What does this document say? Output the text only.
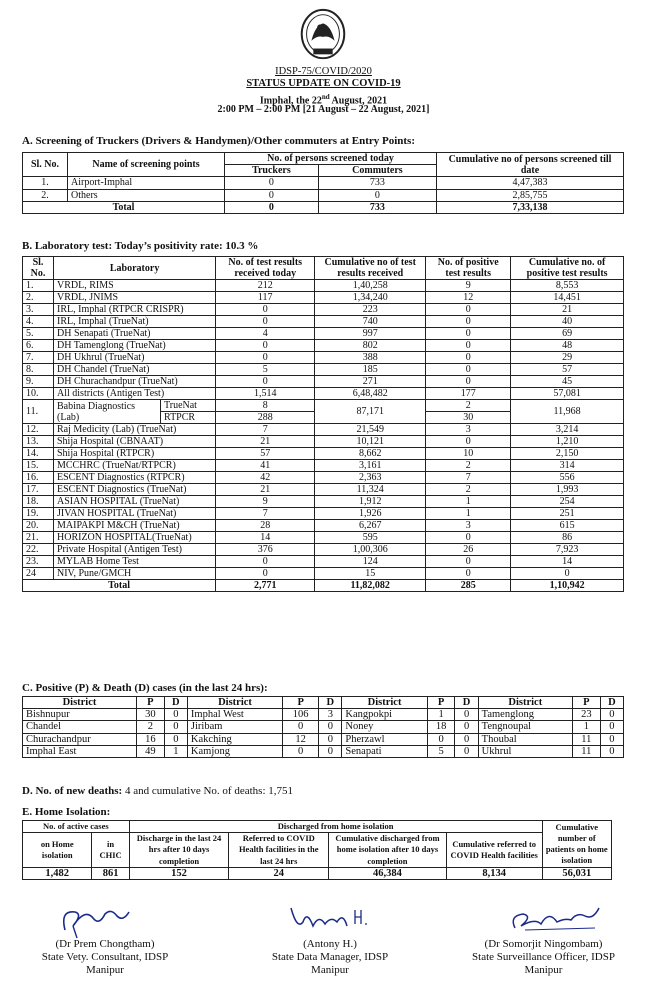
IDSP-75/COVID/2020
STATUS UPDATE ON COVID-19
Imphal, the 22nd August, 2021
2:00 PM – 2:00 PM [21 August – 22 August, 2021]
A. Screening of Truckers (Drivers & Handymen)/Other commuters at Entry Points:
Sl. No.	Name of screening points	No. of persons screened today		Cumulative no of persons screened till date
		Truckers	Commuters	
1.	Airport-Imphal	0	733	4,47,383
2.	Others	0	0	2,85,755
Total		0	733	7,33,138
B. Laboratory test: Today’s positivity rate: 10.3 %
Sl. No.	Laboratory		No. of test results received today	Cumulative no of test results received	No. of positive test results	Cumulative no. of positive test results
1.	VRDL, RIMS		212	1,40,258	9	8,553
2.	VRDL, JNIMS		117	1,34,240	12	14,451
3.	IRL, Imphal (RTPCR CRISPR)		0	223	0	21
4.	IRL, Imphal (TrueNat)		0	740	0	40
5.	DH Senapati (TrueNat)		4	997	0	69
6.	DH Tamenglong (TrueNat)		0	802	0	48
7.	DH Ukhrul (TrueNat)		0	388	0	29
8.	DH Chandel (TrueNat)		5	185	0	57
9.	DH Churachandpur (TrueNat)		0	271	0	45
10.	All districts (Antigen Test)		1,514	6,48,482	177	57,081
11.	Babina Diagnostics (Lab)	TrueNat	8	87,171	2	11,968
		RTPCR	288		30	
12.	Raj Medicity (Lab) (TrueNat)		7	21,549	3	3,214
13.	Shija Hospital (CBNAAT)		21	10,121	0	1,210
14.	Shija Hospital (RTPCR)		57	8,662	10	2,150
15.	MCCHRC (TrueNat/RTPCR)		41	3,161	2	314
16.	ESCENT Diagnostics (RTPCR)		42	2,363	7	556
17.	ESCENT Diagnostics (TrueNat)		21	11,324	2	1,993
18.	ASIAN HOSPITAL (TrueNat)		9	1,912	1	254
19.	JIVAN HOSPITAL (TrueNat)		7	1,926	1	251
20.	MAIPAKPI M&CH (TrueNat)		28	6,267	3	615
21.	HORIZON HOSPITAL(TrueNat)		14	595	0	86
22.	Private Hospital (Antigen Test)		376	1,00,306	26	7,923
23.	MYLAB Home Test		0	124	0	14
24	NIV, Pune/GMCH		0	15	0	0
Total			2,771	11,82,082	285	1,10,942
C. Positive (P) & Death (D) cases (in the last 24 hrs):
District	P	D	District	P	D	District	P	D	District	P	D
Bishnupur	30	0	Imphal West	106	3	Kangpokpi	1	0	Tamenglong	23	0
Chandel	2	0	Jiribam	0	0	Noney	18	0	Tengnoupal	1	0
Churachandpur	16	0	Kakching	12	0	Pherzawl	0	0	Thoubal	11	0
Imphal East	49	1	Kamjong	0	0	Senapati	5	0	Ukhrul	11	0
D. No. of new deaths: 4 and cumulative No. of deaths: 1,751
E. Home Isolation:
No. of active cases		Discharged from home isolation				Cumulative number of patients on home isolation
on Home isolation	in CHIC	Discharge in the last 24 hrs after 10 days completion	Referred to COVID Health facilities in the last 24 hrs	Cumulative discharged from home isolation after 10 days completion	Cumulative referred to COVID Health facilities	
1,482	861	152	24	46,384	8,134	56,031
(Dr Prem Chongtham)
State Vety. Consultant, IDSP
Manipur
(Antony H.)
State Data Manager, IDSP
Manipur
(Dr Somorjit Ningombam)
State Surveillance Officer, IDSP
Manipur
